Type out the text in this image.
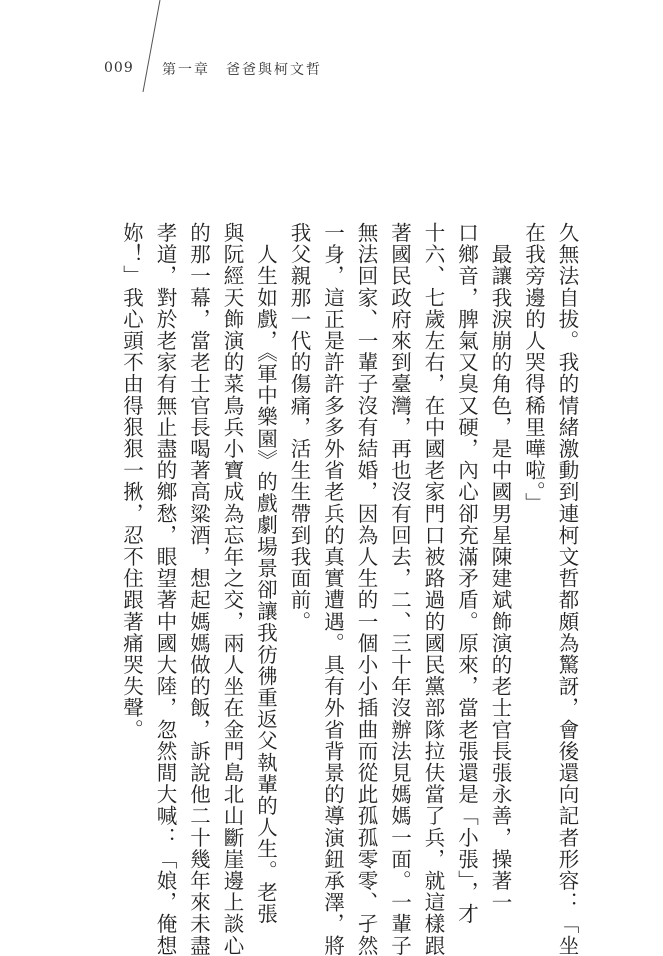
009 第一章　爸爸與柯文哲
久無法自拔。我的情緒激動到連柯文哲都頗為驚訝，會後還向記者形容：「坐
在我旁邊的人哭得稀里嘩啦。」
　最讓我淚崩的角色，是中國男星陳建斌飾演的老士官長張永善，操著一
口鄉音，脾氣又臭又硬，內心卻充滿矛盾。原來，當老張還是「小張」，才
十六、七歲左右，在中國老家門口被路過的國民黨部隊拉伕當了兵，就這樣跟
著國民政府來到臺灣，再也沒有回去，二、三十年沒辦法見媽媽一面。一輩子
無法回家、一輩子沒有結婚，因為人生的一個小小插曲而從此孤孤零零、孑然
一身，這正是許許多多外省老兵的真實遭遇。具有外省背景的導演鈕承澤，將
我父親那一代的傷痛，活生生帶到我面前。
　人生如戲，《軍中樂園》的戲劇場景卻讓我彷彿重返父執輩的人生。老張
與阮經天飾演的菜鳥兵小寶成為忘年之交，兩人坐在金門島北山斷崖邊上談心
的那一幕，當老士官長喝著高粱酒，想起媽媽做的飯，訴說他二十幾年來未盡
孝道，對於老家有無止盡的鄉愁，眼望著中國大陸，忽然間大喊：「娘，俺想
妳！」我心頭不由得狠狠一揪，忍不住跟著痛哭失聲。
